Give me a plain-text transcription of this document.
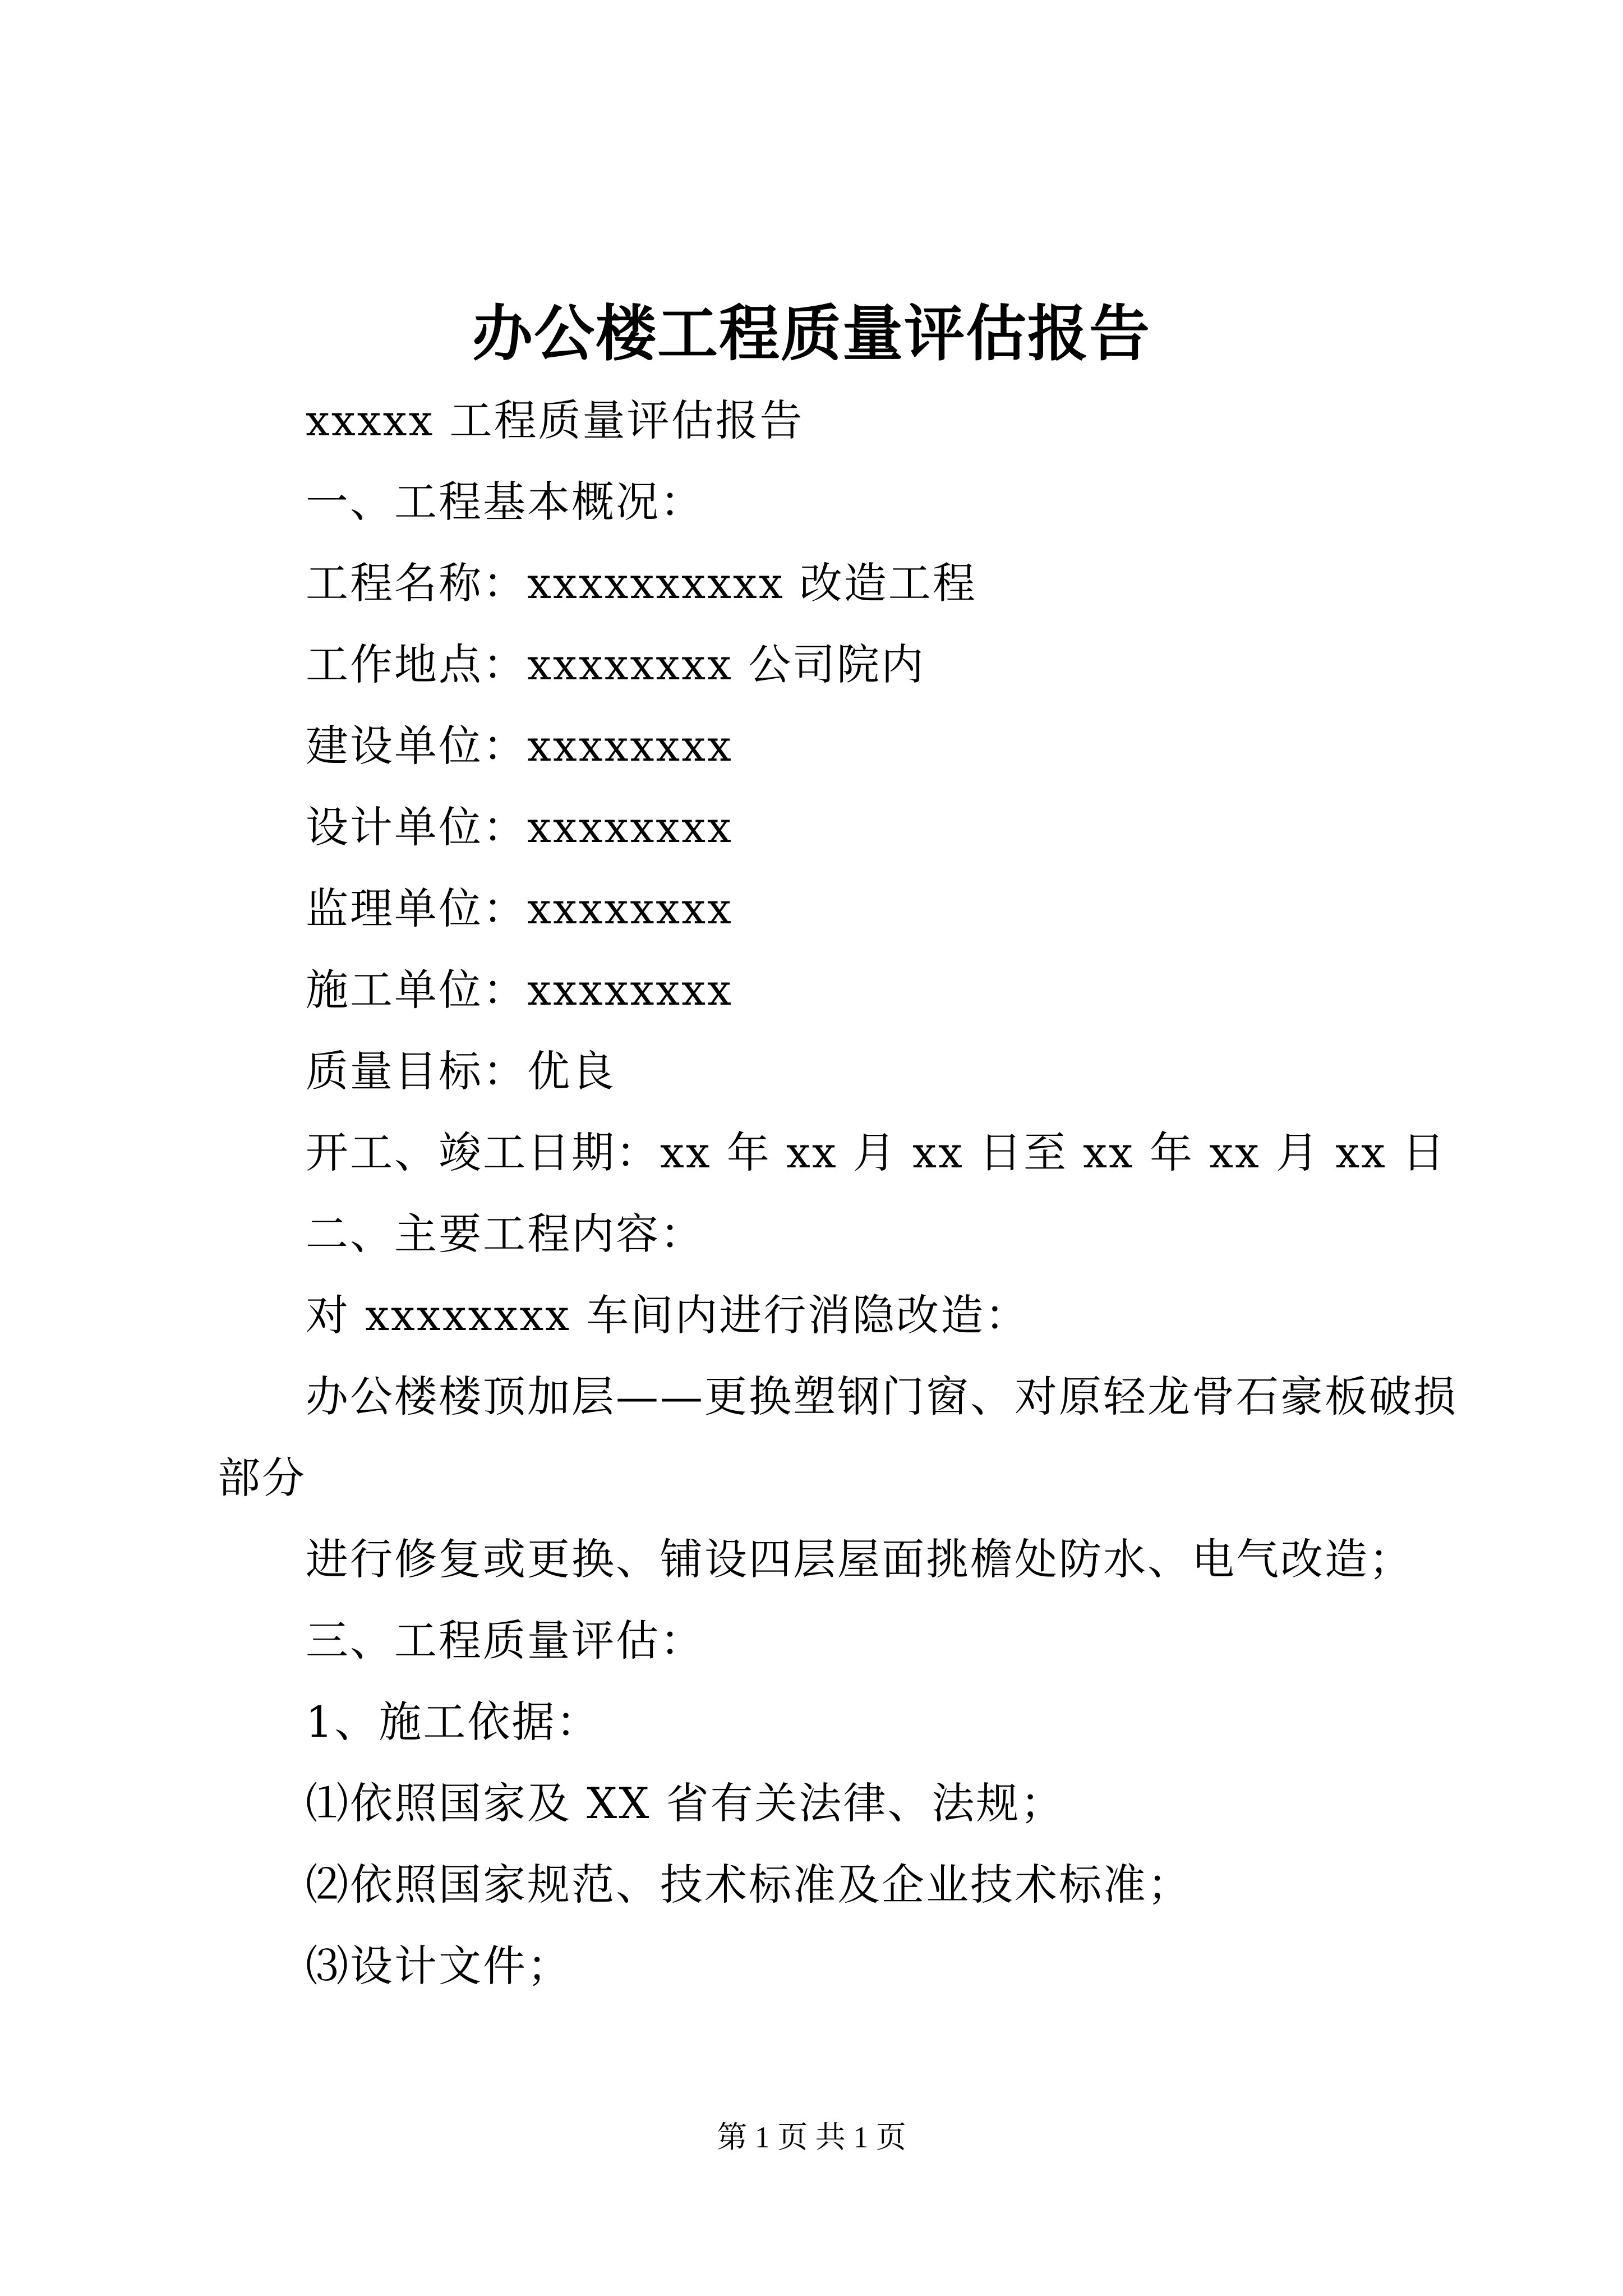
办公楼工程质量评估报告
xxxxx 工程质量评估报告
一、工程基本概况：
工程名称：xxxxxxxxxx 改造工程
工作地点：xxxxxxxx 公司院内
建设单位：xxxxxxxx
设计单位：xxxxxxxx
监理单位：xxxxxxxx
施工单位：xxxxxxxx
质量目标：优良
开工、竣工日期：xx 年 xx 月 xx 日至 xx 年 xx 月 xx 日
二、主要工程内容：
对 xxxxxxxx 车间内进行消隐改造：
办公楼楼顶加层——更换塑钢门窗、对原轻龙骨石豪板破损
部分
进行修复或更换、铺设四层屋面挑檐处防水、电气改造；
三、工程质量评估：
1、施工依据：
⑴依照国家及 XX 省有关法律、法规；
⑵依照国家规范、技术标准及企业技术标准；
⑶设计文件；
第 1 页 共 1 页
